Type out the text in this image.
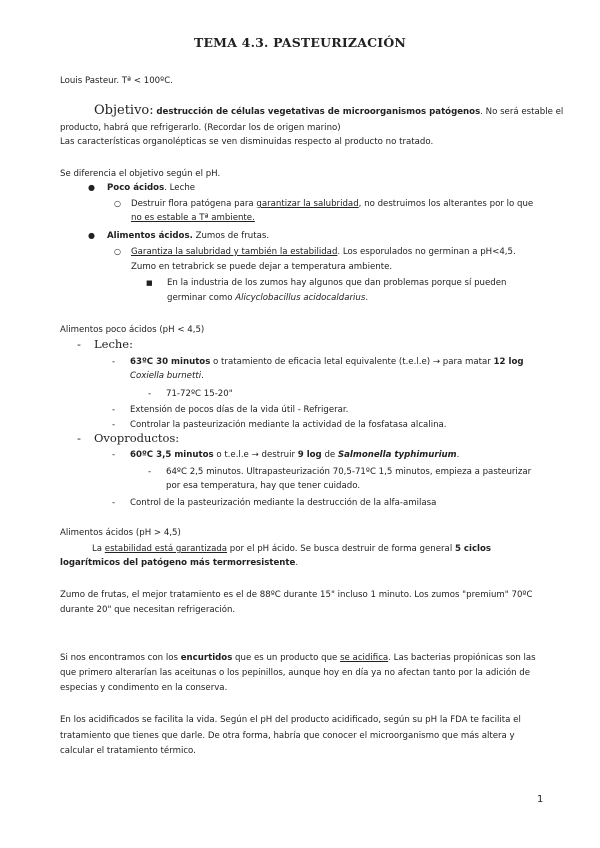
TEMA 4.3. PASTEURIZACIÓN
Louis Pasteur. Tª < 100ºC.
Objetivo: destrucción de células vegetativas de microorganismos patógenos. No será estable el
producto, habrá que refrigerarlo. (Recordar los de origen marino)
Las características organolépticas se ven disminuidas respecto al producto no tratado.
Se diferencia el objetivo según el pH.
● Poco ácidos. Leche
○ Destruir flora patógena para garantizar la salubridad, no destruimos los alterantes por lo que
no es estable a Tª ambiente.
● Alimentos ácidos. Zumos de frutas.
○ Garantiza la salubridad y también la estabilidad. Los esporulados no germinan a pH<4,5.
Zumo en tetrabrick se puede dejar a temperatura ambiente.
■ En la industria de los zumos hay algunos que dan problemas porque sí pueden
germinar como Alicyclobacillus acidocaldarius.
Alimentos poco ácidos (pH < 4,5)
- Leche:
- 63ºC 30 minutos o tratamiento de eficacia letal equivalente (t.e.l.e) → para matar 12 log
Coxiella burnetti.
- 71-72ºC 15-20"
- Extensión de pocos días de la vida útil - Refrigerar.
- Controlar la pasteurización mediante la actividad de la fosfatasa alcalina.
- Ovoproductos:
- 60ºC 3,5 minutos o t.e.l.e → destruir 9 log de Salmonella typhimurium.
- 64ºC 2,5 minutos. Ultrapasteurización 70,5-71ºC 1,5 minutos, empieza a pasteurizar
por esa temperatura, hay que tener cuidado.
- Control de la pasteurización mediante la destrucción de la alfa-amilasa
Alimentos ácidos (pH > 4,5)
La estabilidad está garantizada por el pH ácido. Se busca destruir de forma general 5 ciclos
logarítmicos del patógeno más termorresistente.
Zumo de frutas, el mejor tratamiento es el de 88ºC durante 15" incluso 1 minuto. Los zumos "premium" 70ºC
durante 20" que necesitan refrigeración.
Si nos encontramos con los encurtidos que es un producto que se acidifica. Las bacterias propiónicas son las
que primero alterarían las aceitunas o los pepinillos, aunque hoy en día ya no afectan tanto por la adición de
especias y condimento en la conserva.
En los acidificados se facilita la vida. Según el pH del producto acidificado, según su pH la FDA te facilita el
tratamiento que tienes que darle. De otra forma, habría que conocer el microorganismo que más altera y
calcular el tratamiento térmico.
1
